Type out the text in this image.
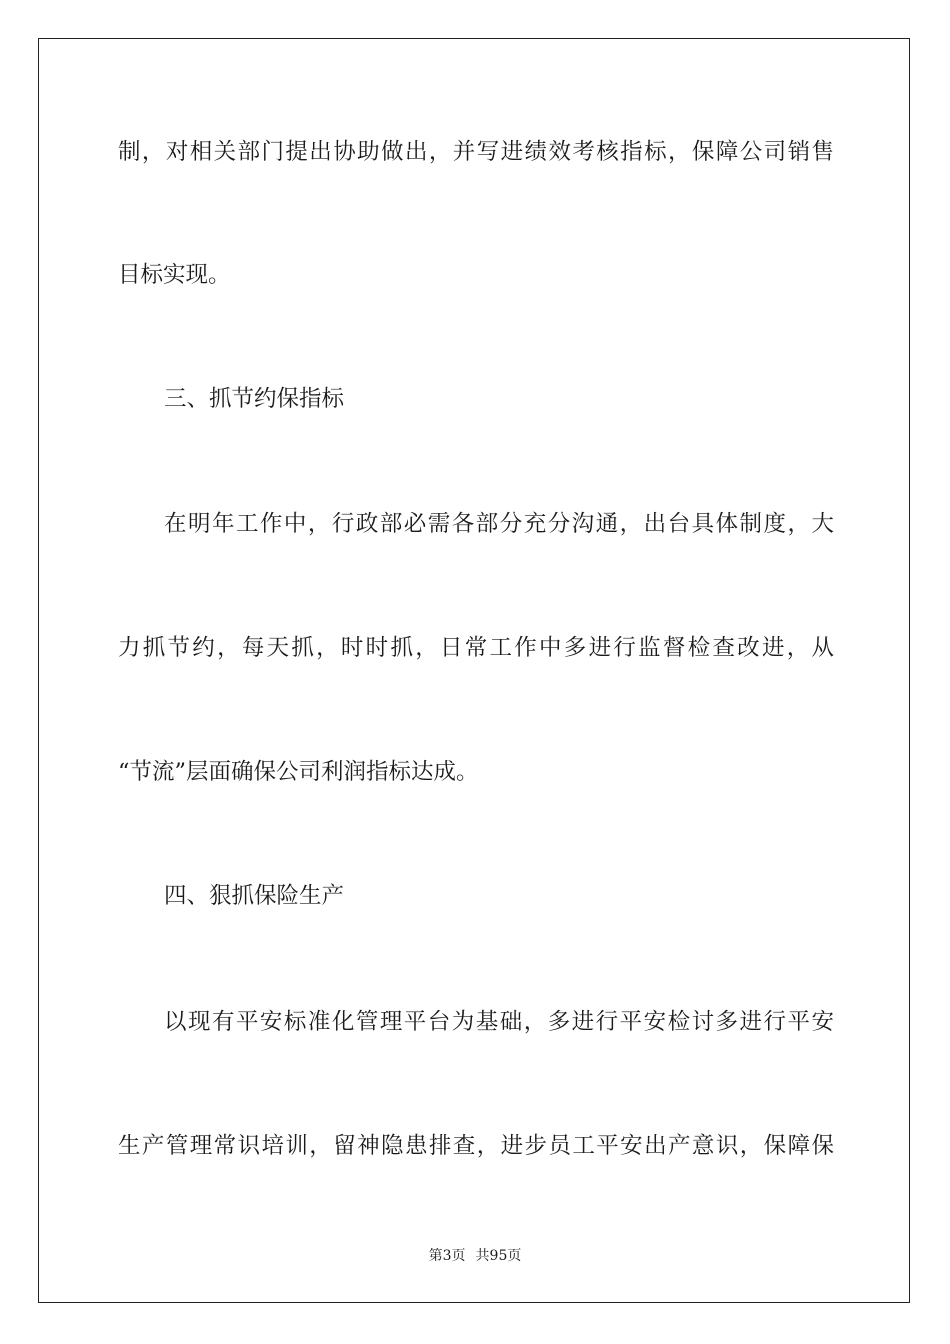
制，对相关部门提出协助做出，并写进绩效考核指标，保障公司销售
目标实现。
三、抓节约保指标
在明年工作中，行政部必需各部分充分沟通，出台具体制度，大
力抓节约，每天抓，时时抓，日常工作中多进行监督检查改进，从
“节流”层面确保公司利润指标达成。
四、狠抓保险生产
以现有平安标准化管理平台为基础，多进行平安检讨多进行平安
生产管理常识培训，留神隐患排查，进步员工平安出产意识，保障保
第3页 共95页
